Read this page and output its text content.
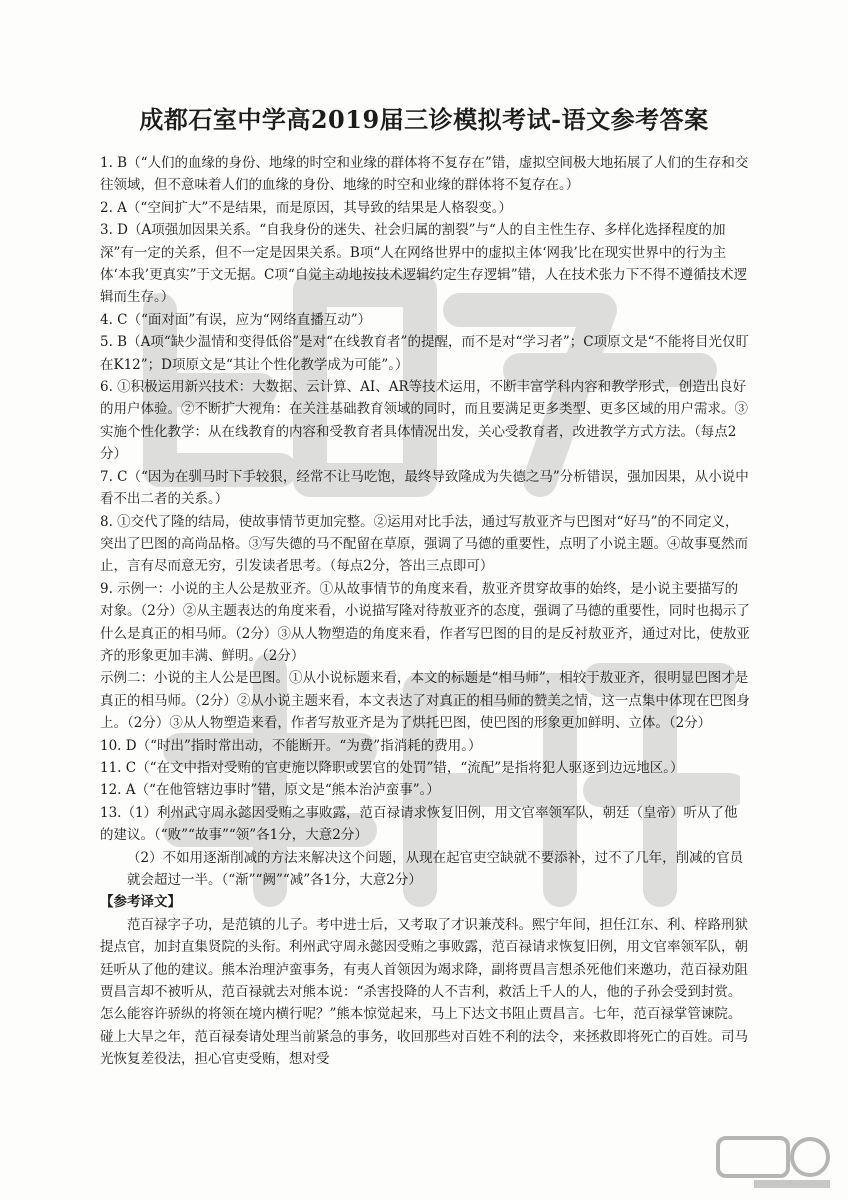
成都石室中学高2019届三诊模拟考试-语文参考答案

1. B（“人们的血缘的身份、地缘的时空和业缘的群体将不复存在”错，虚拟空间极大地拓展了人们的生存和交往领域，但不意味着人们的血缘的身份、地缘的时空和业缘的群体将不复存在。）

2. A（“空间扩大”不是结果，而是原因，其导致的结果是人格裂变。）

3. D（A项强加因果关系。“自我身份的迷失、社会归属的割裂”与“人的自主性生存、多样化选择程度的加深”有一定的关系，但不一定是因果关系。B项“人在网络世界中的虚拟主体‘网我’比在现实世界中的行为主体‘本我’更真实”于文无据。C项“自觉主动地按技术逻辑约定生存逻辑”错，人在技术张力下不得不遵循技术逻辑而生存。）

4. C（“面对面”有误，应为“网络直播互动”）

5. B（A项“缺少温情和变得低俗”是对“在线教育者”的提醒，而不是对“学习者”；C项原文是“不能将目光仅盯在K12”；D项原文是“其让个性化教学成为可能”。）

6. ①积极运用新兴技术：大数据、云计算、AI、AR等技术运用，不断丰富学科内容和教学形式，创造出良好的用户体验。②不断扩大视角：在关注基础教育领域的同时，而且要满足更多类型、更多区域的用户需求。③实施个性化教学：从在线教育的内容和受教育者具体情况出发，关心受教育者，改进教学方式方法。（每点2分）

7. C（“因为在驯马时下手较狠，经常不让马吃饱，最终导致隆成为失德之马”分析错误，强加因果，从小说中看不出二者的关系。）

8. ①交代了隆的结局，使故事情节更加完整。②运用对比手法，通过写敖亚齐与巴图对“好马”的不同定义，突出了巴图的高尚品格。③写失德的马不配留在草原，强调了马德的重要性，点明了小说主题。④故事戛然而止，言有尽而意无穷，引发读者思考。（每点2分，答出三点即可）

9. 示例一：小说的主人公是敖亚齐。①从故事情节的角度来看，敖亚齐贯穿故事的始终，是小说主要描写的对象。（2分）②从主题表达的角度来看，小说描写隆对待敖亚齐的态度，强调了马德的重要性，同时也揭示了什么是真正的相马师。（2分）③从人物塑造的角度来看，作者写巴图的目的是反衬敖亚齐，通过对比，使敖亚齐的形象更加丰满、鲜明。（2分）

示例二：小说的主人公是巴图。①从小说标题来看，本文的标题是“相马师”，相较于敖亚齐，很明显巴图才是真正的相马师。（2分）②从小说主题来看，本文表达了对真正的相马师的赞美之情，这一点集中体现在巴图身上。（2分）③从人物塑造来看，作者写敖亚齐是为了烘托巴图，使巴图的形象更加鲜明、立体。（2分）

10. D（“时出”指时常出动，不能断开。“为费”指消耗的费用。）

11. C（“在文中指对受贿的官吏施以降职或罢官的处罚”错，“流配”是指将犯人驱逐到边远地区。）

12. A（“在他管辖边事时”错，原文是“熊本治泸蛮事”。）

13.（1）利州武守周永懿因受贿之事败露，范百禄请求恢复旧例，用文官率领军队，朝廷（皇帝）听从了他的建议。（“败”“故事”“领”各1分，大意2分）

（2）不如用逐渐削减的方法来解决这个问题，从现在起官吏空缺就不要添补，过不了几年，削减的官员就会超过一半。（“渐”“阙”“减”各1分，大意2分）

【参考译文】

范百禄字子功，是范镇的儿子。考中进士后，又考取了才识兼茂科。熙宁年间，担任江东、利、梓路刑狱提点官，加封直集贤院的头衔。利州武守周永懿因受贿之事败露，范百禄请求恢复旧例，用文官率领军队，朝廷听从了他的建议。熊本治理泸蛮事务，有夷人首领因为竭求降，副将贾昌言想杀死他们来邀功，范百禄劝阻贾昌言却不被听从，范百禄就去对熊本说：“杀害投降的人不吉利，救活上千人的人，他的子孙会受到封赏。怎么能容许骄纵的将领在境内横行呢？”熊本惊觉起来，马上下达文书阻止贾昌言。七年，范百禄掌管谏院。碰上大旱之年，范百禄奏请处理当前紧急的事务，收回那些对百姓不利的法令，来拯救即将死亡的百姓。司马光恢复差役法，担心官吏受贿，想对受
